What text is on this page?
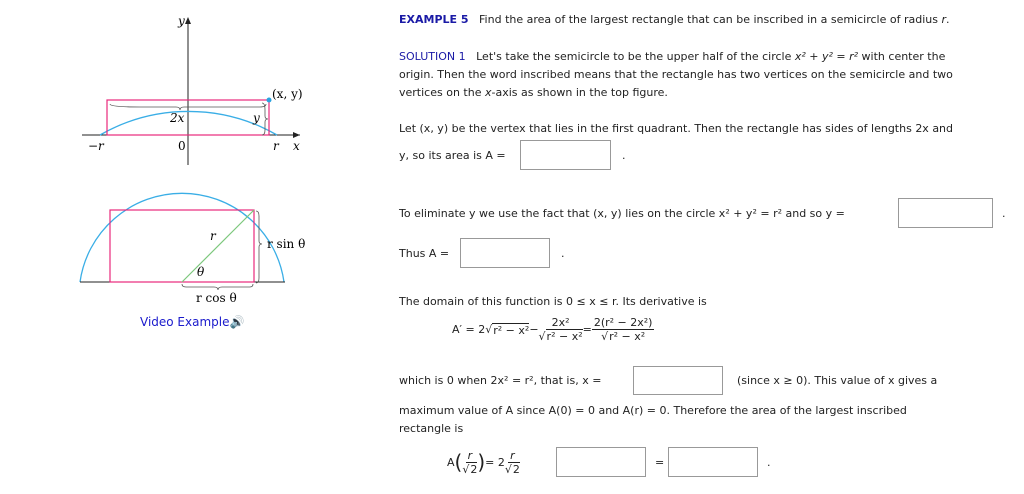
y
x
−r	0	r
(x, y)
2x	y
r
θ
r sin θ
r cos θ
Video Example🔊
EXAMPLE 5 Find the area of the largest rectangle that can be inscribed in a semicircle of radius r.
SOLUTION 1 Let's take the semicircle to be the upper half of the circle x² + y² = r² with center the
origin. Then the word inscribed means that the rectangle has two vertices on the semicircle and two
vertices on the x-axis as shown in the top figure.
Let (x, y) be the vertex that lies in the first quadrant. Then the rectangle has sides of lengths 2x and
y, so its area is A =	.
To eliminate y we use the fact that (x, y) lies on the circle x² + y² = r² and so y =	.
Thus A =	.
The domain of this function is 0 ≤ x ≤ r. Its derivative is
A′ = 2 √ $r^2 - x^2 - \frac{\text{2x²}}{\text{√r² − x²}} = \frac{\text{2(r² − 2x²)}}{\text{√r² − x²}}$
which is 0 when 2x² = r², that is, x =	(since x ≥ 0). This value of x gives a
maximum value of A since A(0) = 0 and A(r) = 0. Therefore the area of the largest inscribed
rectangle is
A ( $\frac{r}{√2}$ ) = $2 \frac{r}{√2}$	=	.
